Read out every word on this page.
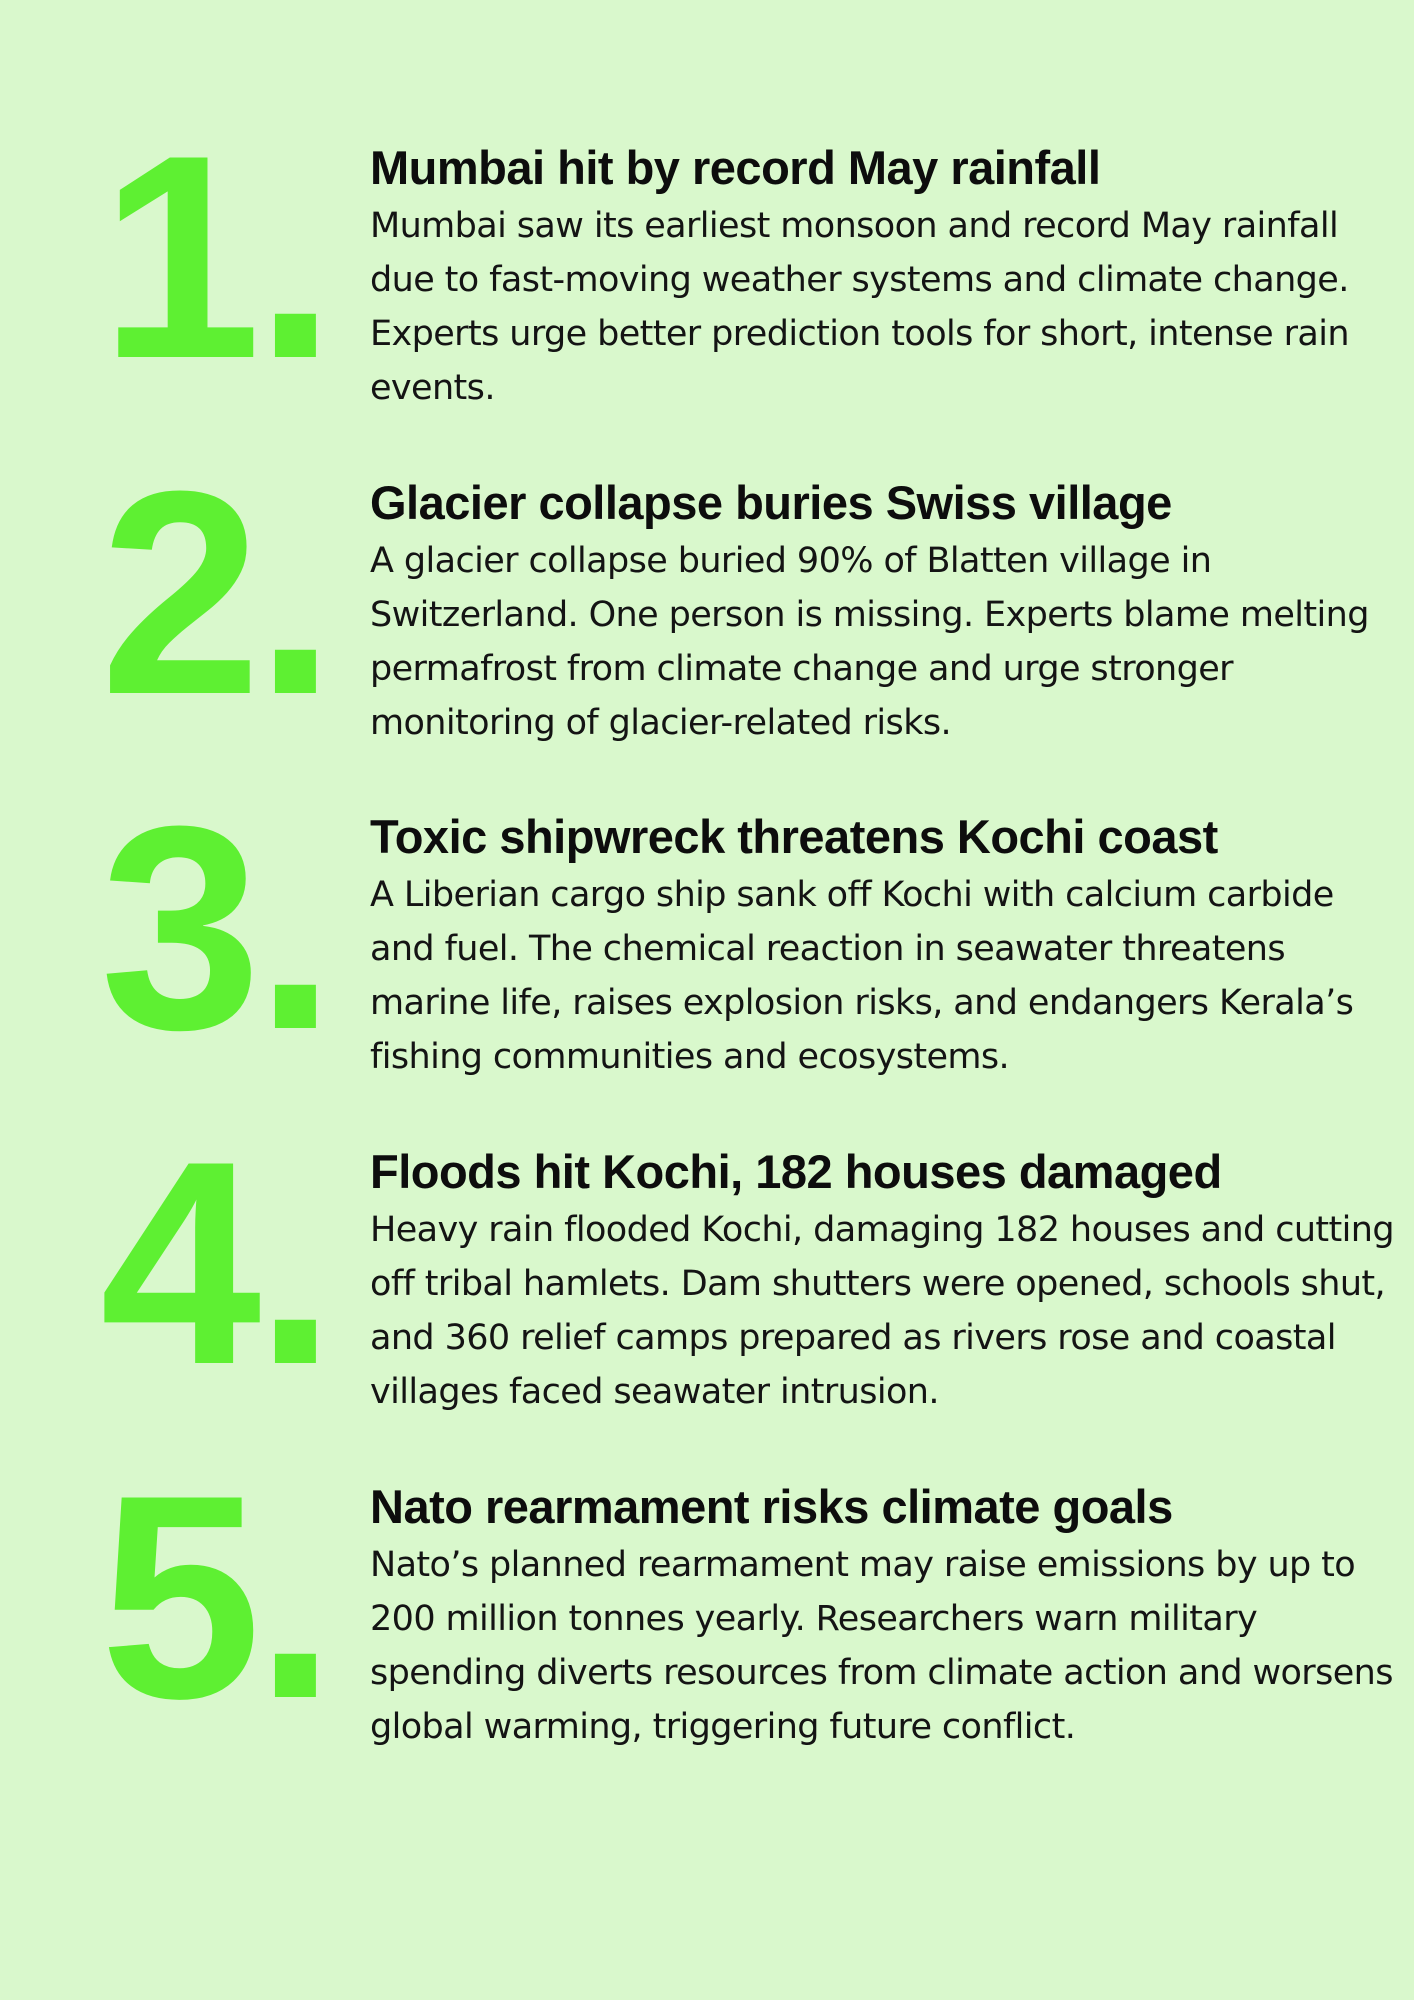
1. Mumbai hit by record May rainfall

Mumbai saw its earliest monsoon and record May rainfall due to fast-moving weather systems and climate change. Experts urge better prediction tools for short, intense rain events.

2. Glacier collapse buries Swiss village

A glacier collapse buried 90% of Blatten village in Switzerland. One person is missing. Experts blame melting permafrost from climate change and urge stronger monitoring of glacier-related risks.

3. Toxic shipwreck threatens Kochi coast

A Liberian cargo ship sank off Kochi with calcium carbide and fuel. The chemical reaction in seawater threatens marine life, raises explosion risks, and endangers Kerala’s fishing communities and ecosystems.

4. Floods hit Kochi, 182 houses damaged

Heavy rain flooded Kochi, damaging 182 houses and cutting off tribal hamlets. Dam shutters were opened, schools shut, and 360 relief camps prepared as rivers rose and coastal villages faced seawater intrusion.

5. Nato rearmament risks climate goals

Nato’s planned rearmament may raise emissions by up to 200 million tonnes yearly. Researchers warn military spending diverts resources from climate action and worsens global warming, triggering future conflict.
